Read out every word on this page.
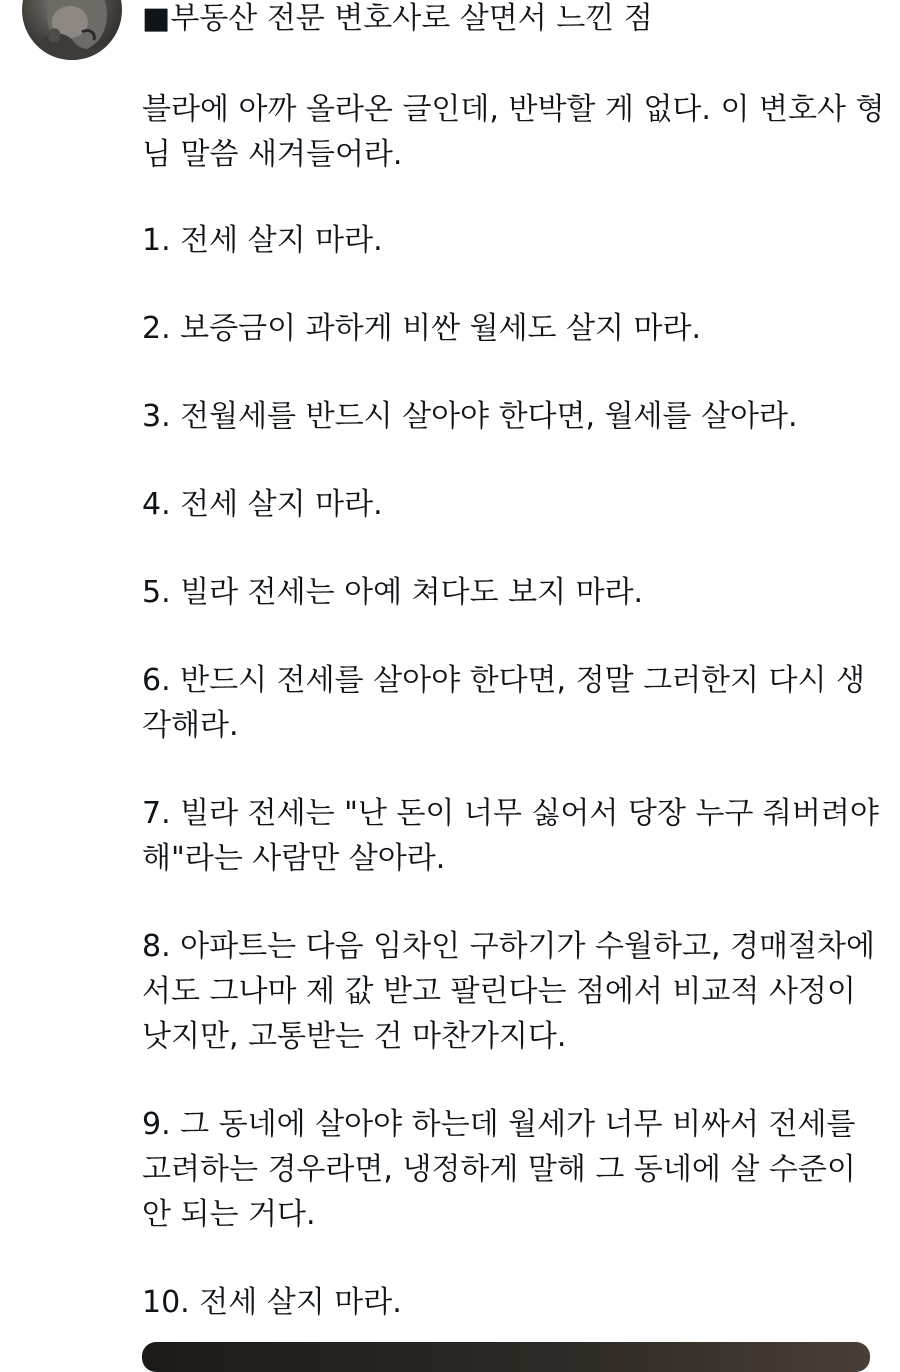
■부동산 전문 변호사로 살면서 느낀 점

블라에 아까 올라온 글인데, 반박할 게 없다. 이 변호사 형님 말씀 새겨들어라.

1. 전세 살지 마라.
2. 보증금이 과하게 비싼 월세도 살지 마라.
3. 전월세를 반드시 살아야 한다면, 월세를 살아라.
4. 전세 살지 마라.
5. 빌라 전세는 아예 쳐다도 보지 마라.
6. 반드시 전세를 살아야 한다면, 정말 그러한지 다시 생각해라.
7. 빌라 전세는 "난 돈이 너무 싫어서 당장 누구 줘버려야 해"라는 사람만 살아라.
8. 아파트는 다음 임차인 구하기가 수월하고, 경매절차에서도 그나마 제 값 받고 팔린다는 점에서 비교적 사정이 낫지만, 고통받는 건 마찬가지다.
9. 그 동네에 살아야 하는데 월세가 너무 비싸서 전세를 고려하는 경우라면, 냉정하게 말해 그 동네에 살 수준이 안 되는 거다.
10. 전세 살지 마라.
